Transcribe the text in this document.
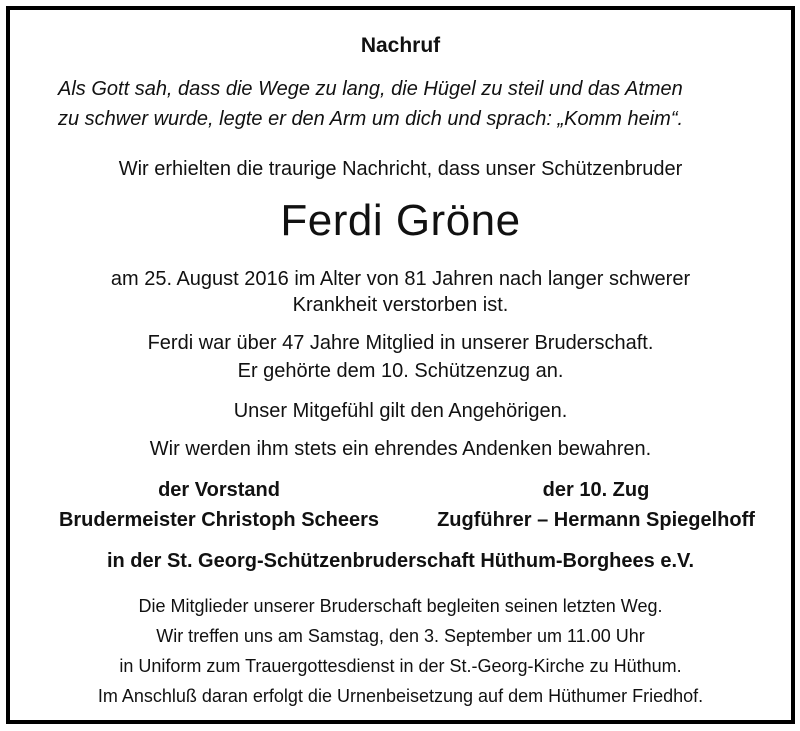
Nachruf
Als Gott sah, dass die Wege zu lang, die Hügel zu steil und das Atmen
zu schwer wurde, legte er den Arm um dich und sprach: „Komm heim“.
Wir erhielten die traurige Nachricht, dass unser Schützenbruder
Ferdi Gröne
am 25. August 2016 im Alter von 81 Jahren nach langer schwerer
Krankheit verstorben ist.
Ferdi war über 47 Jahre Mitglied in unserer Bruderschaft.
Er gehörte dem 10. Schützenzug an.
Unser Mitgefühl gilt den Angehörigen.
Wir werden ihm stets ein ehrendes Andenken bewahren.
der Vorstand
Brudermeister Christoph Scheers
der 10. Zug
Zugführer – Hermann Spiegelhoff
in der St. Georg-Schützenbruderschaft Hüthum-Borghees e.V.
Die Mitglieder unserer Bruderschaft begleiten seinen letzten Weg.
Wir treffen uns am Samstag, den 3. September um 11.00 Uhr
in Uniform zum Trauergottesdienst in der St.-Georg-Kirche zu Hüthum.
Im Anschluß daran erfolgt die Urnenbeisetzung auf dem Hüthumer Friedhof.
